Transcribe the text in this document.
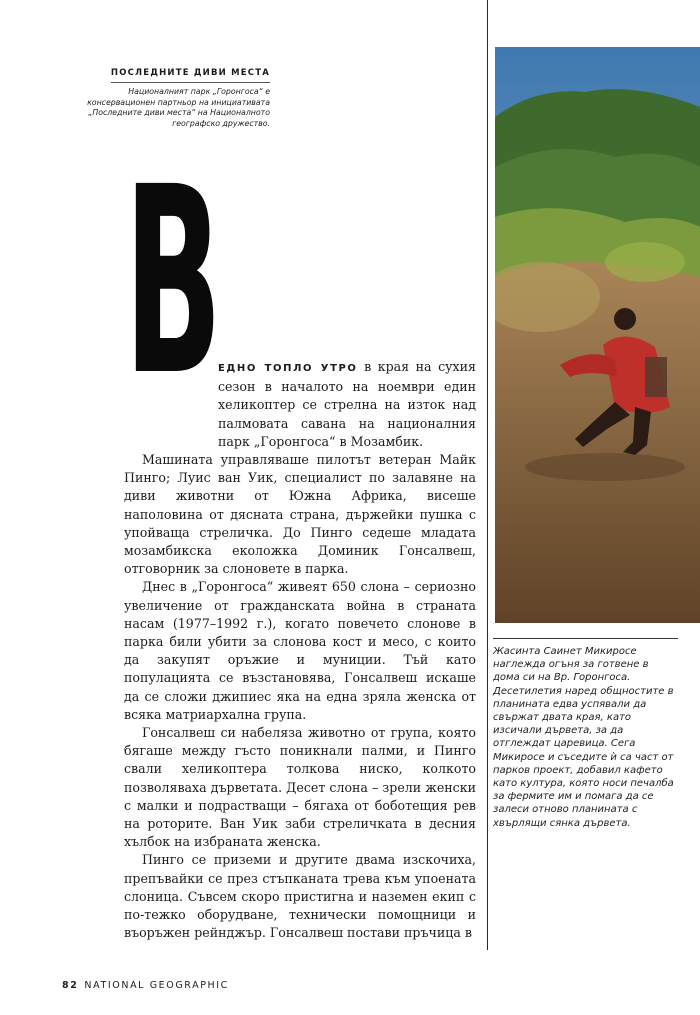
ПОСЛЕДНИТЕ ДИВИ МЕСТА
Националният парк „Горонгоса“ е консервационен партньор на инициативата „Последните диви места“ на Националното географско дружество.
В
ЕДНО ТОПЛО УТРО в края на сухия сезон в началото на ноември един хеликоптер се стрелна на изток над палмовата савана на националния парк „Горонгоса“ в Мозамбик.

Машината управляваше пилотът ветеран Майк Пинго; Луис ван Уик, специалист по залавяне на диви животни от Южна Африка, висеше наполовина от дясната страна, държейки пушка с упойваща стреличка. До Пинго седеше младата мозамбикска еколожка Доминик Гонсалвеш, отговорник за слоновете в парка.

Днес в „Горонгоса“ живеят 650 слона – сериозно увеличение от гражданската война в страната насам (1977–1992 г.), когато повечето слонове в парка били убити за слонова кост и месо, с които да закупят оръжие и муниции. Тъй като популацията се възстановява, Гонсалвеш искаше да се сложи джипиес яка на една зряла женска от всяка матриархална група.

Гонсалвеш си набеляза животно от група, която бягаше между гъсто поникнали палми, и Пинго свали хеликоптера толкова ниско, колкото позволяваха дърветата. Десет слона – зрели женски с малки и подрастващи – бягаха от боботещия рев на роторите. Ван Уик заби стреличката в десния хълбок на избраната женска.

Пинго се приземи и другите двама изскочиха, препъвайки се през стъпканата трева към упоената слоница. Съвсем скоро пристигна и наземен екип с по-тежко оборудване, технически помощници и въоръжен рейнджър. Гонсалвеш постави пръчица в

Жасинта Саинет Микиросе наглежда огъня за готвене в дома си на Вр. Горонгоса. Десетилетия наред общностите в планината едва успявали да свържат двата края, като изсичали дървета, за да отглеждат царевица. Сега Микиросе и съседите ѝ са част от парков проект, добавил кафето като култура, която носи печалба за фермите им и помага да се залеси отново планината с хвърлящи сянка дървета.
82 NATIONAL GEOGRAPHIC
